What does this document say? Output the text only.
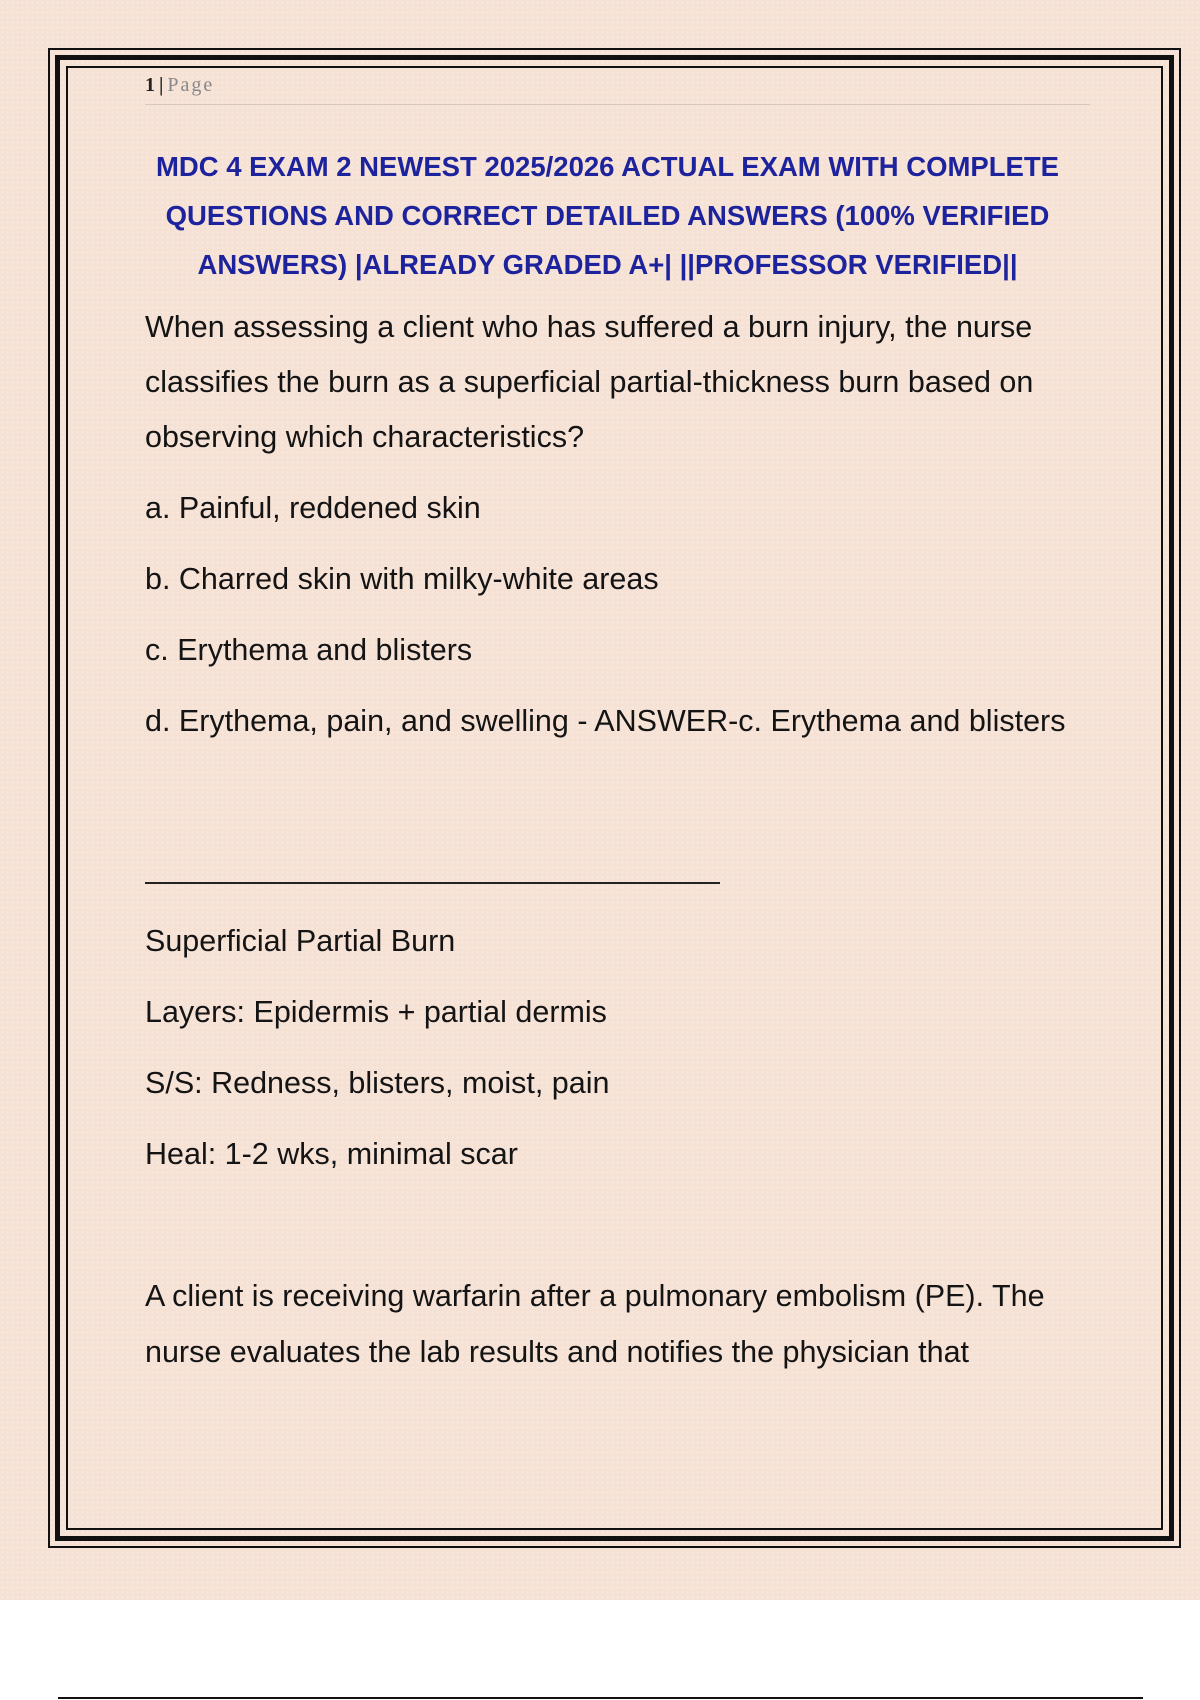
1 | Page
MDC 4 EXAM 2 NEWEST 2025/2026 ACTUAL EXAM WITH COMPLETE QUESTIONS AND CORRECT DETAILED ANSWERS (100% VERIFIED ANSWERS) |ALREADY GRADED A+| ||PROFESSOR VERIFIED||

When assessing a client who has suffered a burn injury, the nurse classifies the burn as a superficial partial-thickness burn based on observing which characteristics?

a. Painful, reddened skin

b. Charred skin with milky-white areas

c. Erythema and blisters

d. Erythema, pain, and swelling - ANSWER-c. Erythema and blisters

Superficial Partial Burn

Layers: Epidermis + partial dermis

S/S: Redness, blisters, moist, pain

Heal: 1-2 wks, minimal scar

A client is receiving warfarin after a pulmonary embolism (PE). The nurse evaluates the lab results and notifies the physician that
